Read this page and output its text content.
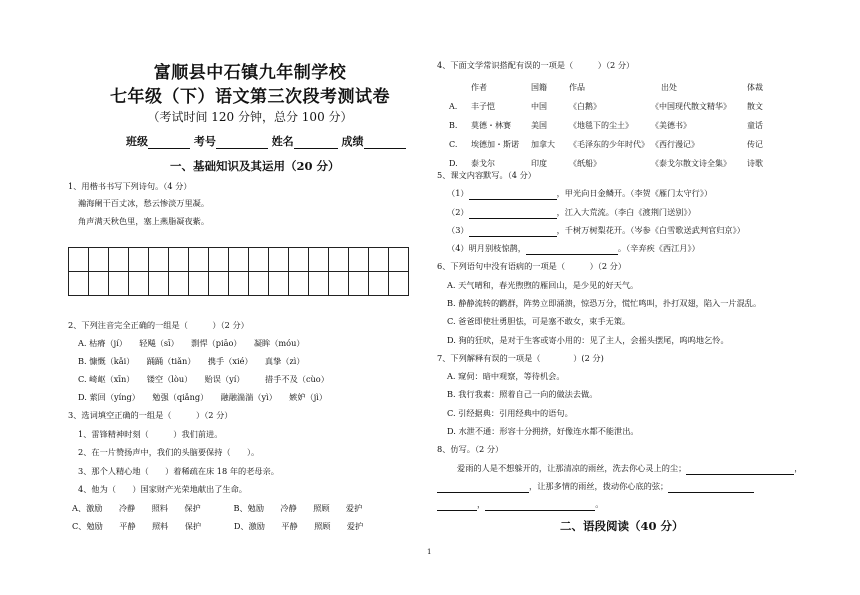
富顺县中石镇九年制学校
七年级（下）语文第三次段考测试卷
（考试时间 120 分钟，总分 100 分）
班级	考号	姓名	成绩
一、基础知识及其运用（20 分）
1、用楷书书写下列诗句。（4 分）
瀚海阑干百丈冰，愁云惨淡万里凝。
角声满天秋色里，塞上燕脂凝夜紫。

2、下列注音完全正确的一组是（　　　）（2 分）
A. 枯瘠（jí）　　轻飚（sī）　　剽悍（piāo）　　凝眸（móu）
B. 慷慨（kǎi）　　踊踊（tiǎn）　　携手（xié）　　真挚（zì）
C. 崎岖（xīn）　　镂空（lòu）　　贻误（yí）　　　措手不及（cùo）
D. 萦回（yíng）　　勉强（qiǎng）　　融融湍湍（yì）　　嫉妒（jì）
3、选词填空正确的一组是（　　　）（2 分）
1、雷锋精神时刻（　　　）我们前进。
2、在一片赞扬声中，我们的头脑要保持（　　）。
3、那个人精心地（　　）着稀疏在床 18 年的老母亲。
4、他为（　　）国家财产光荣地献出了生命。
A、激励　　冷静　　照料　　保护　　　　B、勉励　　冷静　　照顾　　爱护
C、勉励　　平静　　照料　　保护　　　　D、激励　　平静　　照顾　　爱护
4、下面文学常识搭配有误的一项是（　　　）（2 分）
	作者	国籍	作品	出处	体裁
A.	丰子恺	中国	《白鹅》	《中国现代散文精华》	散文
B.	莫德・林赛	美国	《地毯下的尘土》	《美德书》	童话
C.	埃德加・斯诺	加拿大	《毛泽东的少年时代》	《西行漫记》	传记
D.	泰戈尔	印度	《纸船》	《泰戈尔散文诗全集》	诗歌
5、课文内容默写。（4 分）
（1）	，甲光向日金鳞开。（李贺《雁门太守行》）
（2）	，江入大荒流。（李白《渡荆门送别》）
（3）	，千树万树梨花开。（岑参《白雪歌送武判官归京》）
（4）明月别枝惊鹊，	。（辛弃疾《西江月》）
6、下列语句中没有语病的一项是（　　　）（2 分）
A. 天气晴和，春光煦煦的雁回山，是少见的好天气。
B. 静静流转的鹳群，阵势立即涌溃，惊恐万分，慌忙鸣叫，扑打双翅，陷入一片混乱。
C. 爸爸即使壮勇胆怯，可是塞不敢女，束手无策。
D. 狗的狂吠，是对于生客或寄小用的：见了主人，会摇头摆尾，呜呜地乞怜。
7、下列解释有误的一项是（　　　　）(2 分)
A. 窥伺：暗中观察，等待机会。
B. 我行我素：照着自己一向的做法去做。
C. 引经据典：引用经典中的语句。
D. 水泄不通：形容十分拥挤，好像连水都不能泄出。
8、仿写。（2 分）
爱雨的人是不想躲开的，让那清凉的雨丝，洗去你心灵上的尘；	，
，让那多情的雨丝，拨动你心底的弦；
，	。
二、语段阅读（40 分）
1
